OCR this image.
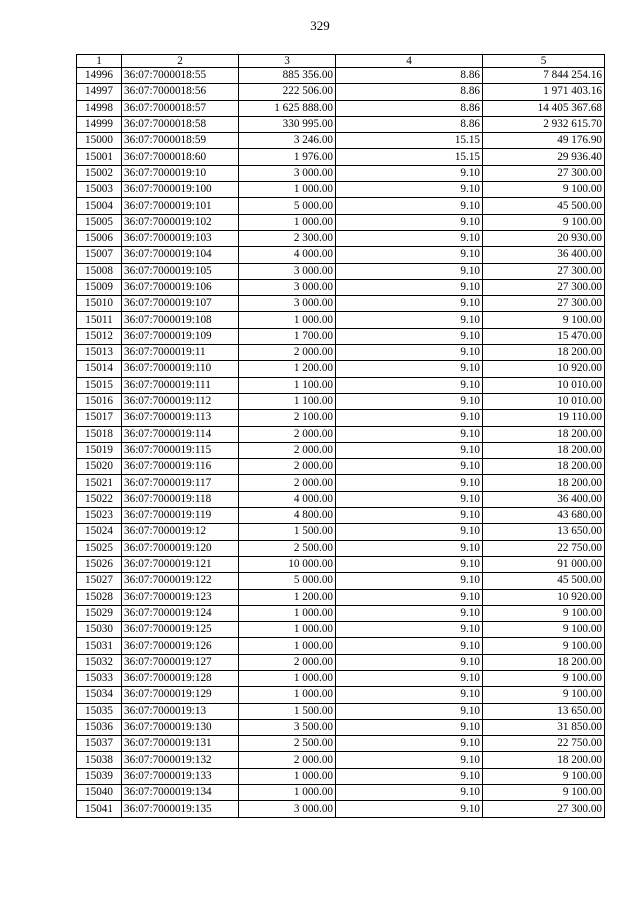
329
1	2	3	4	5
14996	36:07:7000018:55	885 356.00	8.86	7 844 254.16
14997	36:07:7000018:56	222 506.00	8.86	1 971 403.16
14998	36:07:7000018:57	1 625 888.00	8.86	14 405 367.68
14999	36:07:7000018:58	330 995.00	8.86	2 932 615.70
15000	36:07:7000018:59	3 246.00	15.15	49 176.90
15001	36:07:7000018:60	1 976.00	15.15	29 936.40
15002	36:07:7000019:10	3 000.00	9.10	27 300.00
15003	36:07:7000019:100	1 000.00	9.10	9 100.00
15004	36:07:7000019:101	5 000.00	9.10	45 500.00
15005	36:07:7000019:102	1 000.00	9.10	9 100.00
15006	36:07:7000019:103	2 300.00	9.10	20 930.00
15007	36:07:7000019:104	4 000.00	9.10	36 400.00
15008	36:07:7000019:105	3 000.00	9.10	27 300.00
15009	36:07:7000019:106	3 000.00	9.10	27 300.00
15010	36:07:7000019:107	3 000.00	9.10	27 300.00
15011	36:07:7000019:108	1 000.00	9.10	9 100.00
15012	36:07:7000019:109	1 700.00	9.10	15 470.00
15013	36:07:7000019:11	2 000.00	9.10	18 200.00
15014	36:07:7000019:110	1 200.00	9.10	10 920.00
15015	36:07:7000019:111	1 100.00	9.10	10 010.00
15016	36:07:7000019:112	1 100.00	9.10	10 010.00
15017	36:07:7000019:113	2 100.00	9.10	19 110.00
15018	36:07:7000019:114	2 000.00	9.10	18 200.00
15019	36:07:7000019:115	2 000.00	9.10	18 200.00
15020	36:07:7000019:116	2 000.00	9.10	18 200.00
15021	36:07:7000019:117	2 000.00	9.10	18 200.00
15022	36:07:7000019:118	4 000.00	9.10	36 400.00
15023	36:07:7000019:119	4 800.00	9.10	43 680.00
15024	36:07:7000019:12	1 500.00	9.10	13 650.00
15025	36:07:7000019:120	2 500.00	9.10	22 750.00
15026	36:07:7000019:121	10 000.00	9.10	91 000.00
15027	36:07:7000019:122	5 000.00	9.10	45 500.00
15028	36:07:7000019:123	1 200.00	9.10	10 920.00
15029	36:07:7000019:124	1 000.00	9.10	9 100.00
15030	36:07:7000019:125	1 000.00	9.10	9 100.00
15031	36:07:7000019:126	1 000.00	9.10	9 100.00
15032	36:07:7000019:127	2 000.00	9.10	18 200.00
15033	36:07:7000019:128	1 000.00	9.10	9 100.00
15034	36:07:7000019:129	1 000.00	9.10	9 100.00
15035	36:07:7000019:13	1 500.00	9.10	13 650.00
15036	36:07:7000019:130	3 500.00	9.10	31 850.00
15037	36:07:7000019:131	2 500.00	9.10	22 750.00
15038	36:07:7000019:132	2 000.00	9.10	18 200.00
15039	36:07:7000019:133	1 000.00	9.10	9 100.00
15040	36:07:7000019:134	1 000.00	9.10	9 100.00
15041	36:07:7000019:135	3 000.00	9.10	27 300.00
